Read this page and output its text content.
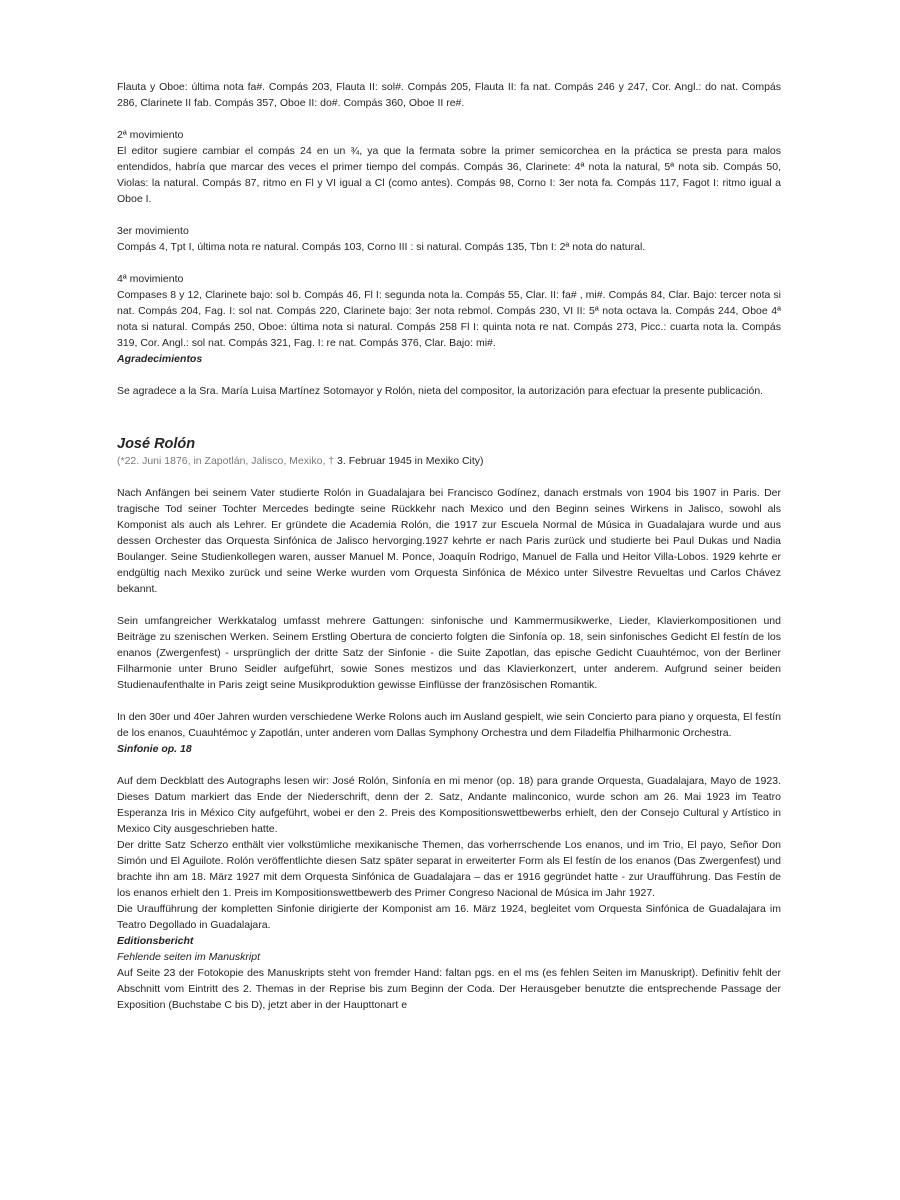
Flauta y Oboe: última nota fa#. Compás 203, Flauta II: sol#. Compás 205, Flauta II: fa nat. Compás 246 y 247, Cor. Angl.: do nat. Compás 286, Clarinete II fab. Compás 357, Oboe II: do#. Compás 360, Oboe II re#.

2ª movimiento

El editor sugiere cambiar el compás 24 en un ¾, ya que la fermata sobre la primer semicorchea en la práctica se presta para malos entendidos, habría que marcar des veces el primer tiempo del compás. Compás 36, Clarinete: 4ª nota la natural, 5ª nota sib. Compás 50, Violas: la natural. Compás 87, ritmo en Fl y VI igual a Cl (como antes). Compás 98, Corno I: 3er nota fa. Compás 117, Fagot I: ritmo igual a Oboe I.

3er movimiento

Compás 4, Tpt I, última nota re natural. Compás 103, Corno III : si natural. Compás 135, Tbn I: 2ª nota do natural.

4ª movimiento

Compases 8 y 12, Clarinete bajo: sol b. Compás 46, Fl I: segunda nota la. Compás 55, Clar. II: fa# , mi#. Compás 84, Clar. Bajo: tercer nota si nat. Compás 204, Fag. I: sol nat. Compás 220, Clarinete bajo: 3er nota rebmol. Compás 230, VI II: 5ª nota octava la. Compás 244, Oboe 4ª nota si natural. Compás 250, Oboe: última nota si natural. Compás 258 Fl I: quinta nota re nat. Compás 273, Picc.: cuarta nota la. Compás 319, Cor. Angl.: sol nat. Compás 321, Fag. I: re nat. Compás 376, Clar. Bajo: mi#.

Agradecimientos

Se agradece a la Sra. María Luisa Martínez Sotomayor y Rolón, nieta del compositor, la autorización para efectuar la presente publicación.

José Rolón
(*22. Juni 1876, in Zapotlán, Jalisco, Mexiko, † 3. Februar 1945 in Mexiko City)

Nach Anfängen bei seinem Vater studierte Rolón in Guadalajara bei Francisco Godínez, danach erstmals von 1904 bis 1907 in Paris. Der tragische Tod seiner Tochter Mercedes bedingte seine Rückkehr nach Mexico und den Beginn seines Wirkens in Jalisco, sowohl als Komponist als auch als Lehrer. Er gründete die Academia Rolón, die 1917 zur Escuela Normal de Música in Guadalajara wurde und aus dessen Orchester das Orquesta Sinfónica de Jalisco hervorging.1927 kehrte er nach Paris zurück und studierte bei Paul Dukas und Nadia Boulanger. Seine Studienkollegen waren, ausser Manuel M. Ponce, Joaquín Rodrigo, Manuel de Falla und Heitor Villa-Lobos. 1929 kehrte er endgültig nach Mexiko zurück und seine Werke wurden vom Orquesta Sinfónica de México unter Silvestre Revueltas und Carlos Chávez bekannt.

Sein umfangreicher Werkkatalog umfasst mehrere Gattungen: sinfonische und Kammermusikwerke, Lieder, Klavierkompositionen und Beiträge zu szenischen Werken. Seinem Erstling Obertura de concierto folgten die Sinfonía op. 18, sein sinfonisches Gedicht El festín de los enanos (Zwergenfest) - ursprünglich der dritte Satz der Sinfonie - die Suite Zapotlan, das epische Gedicht Cuauhtémoc, von der Berliner Filharmonie unter Bruno Seidler aufgeführt, sowie Sones mestizos und das Klavierkonzert, unter anderem. Aufgrund seiner beiden Studienaufenthalte in Paris zeigt seine Musikproduktion gewisse Einflüsse der französischen Romantik.

In den 30er und 40er Jahren wurden verschiedene Werke Rolons auch im Ausland gespielt, wie sein Concierto para piano y orquesta, El festín de los enanos, Cuauhtémoc y Zapotlán, unter anderen vom Dallas Symphony Orchestra und dem Filadelfia Philharmonic Orchestra.

Sinfonie op. 18

Auf dem Deckblatt des Autographs lesen wir: José Rolón, Sinfonía en mi menor (op. 18) para grande Orquesta, Guadalajara, Mayo de 1923. Dieses Datum markiert das Ende der Niederschrift, denn der 2. Satz, Andante malinconico, wurde schon am 26. Mai 1923 im Teatro Esperanza Iris in México City aufgeführt, wobei er den 2. Preis des Kompositionswettbewerbs erhielt, den der Consejo Cultural y Artístico in Mexico City ausgeschrieben hatte.

Der dritte Satz Scherzo enthält vier volkstümliche mexikanische Themen, das vorherrschende Los enanos, und im Trio, El payo, Señor Don Simón und El Aguilote. Rolón veröffentlichte diesen Satz später separat in erweiterter Form als El festín de los enanos (Das Zwergenfest) und brachte ihn am 18. März 1927 mit dem Orquesta Sinfónica de Guadalajara – das er 1916 gegründet hatte - zur Uraufführung. Das Festín de los enanos erhielt den 1. Preis im Kompositionswettbewerb des Primer Congreso Nacional de Música im Jahr 1927.

Die Uraufführung der kompletten Sinfonie dirigierte der Komponist am 16. März 1924, begleitet vom Orquesta Sinfónica de Guadalajara im Teatro Degollado in Guadalajara.

Editionsbericht

Fehlende seiten im Manuskript

Auf Seite 23 der Fotokopie des Manuskripts steht von fremder Hand: faltan pgs. en el ms (es fehlen Seiten im Manuskript). Definitiv fehlt der Abschnitt vom Eintritt des 2. Themas in der Reprise bis zum Beginn der Coda. Der Herausgeber benutzte die entsprechende Passage der Exposition (Buchstabe C bis D), jetzt aber in der Haupttonart e
